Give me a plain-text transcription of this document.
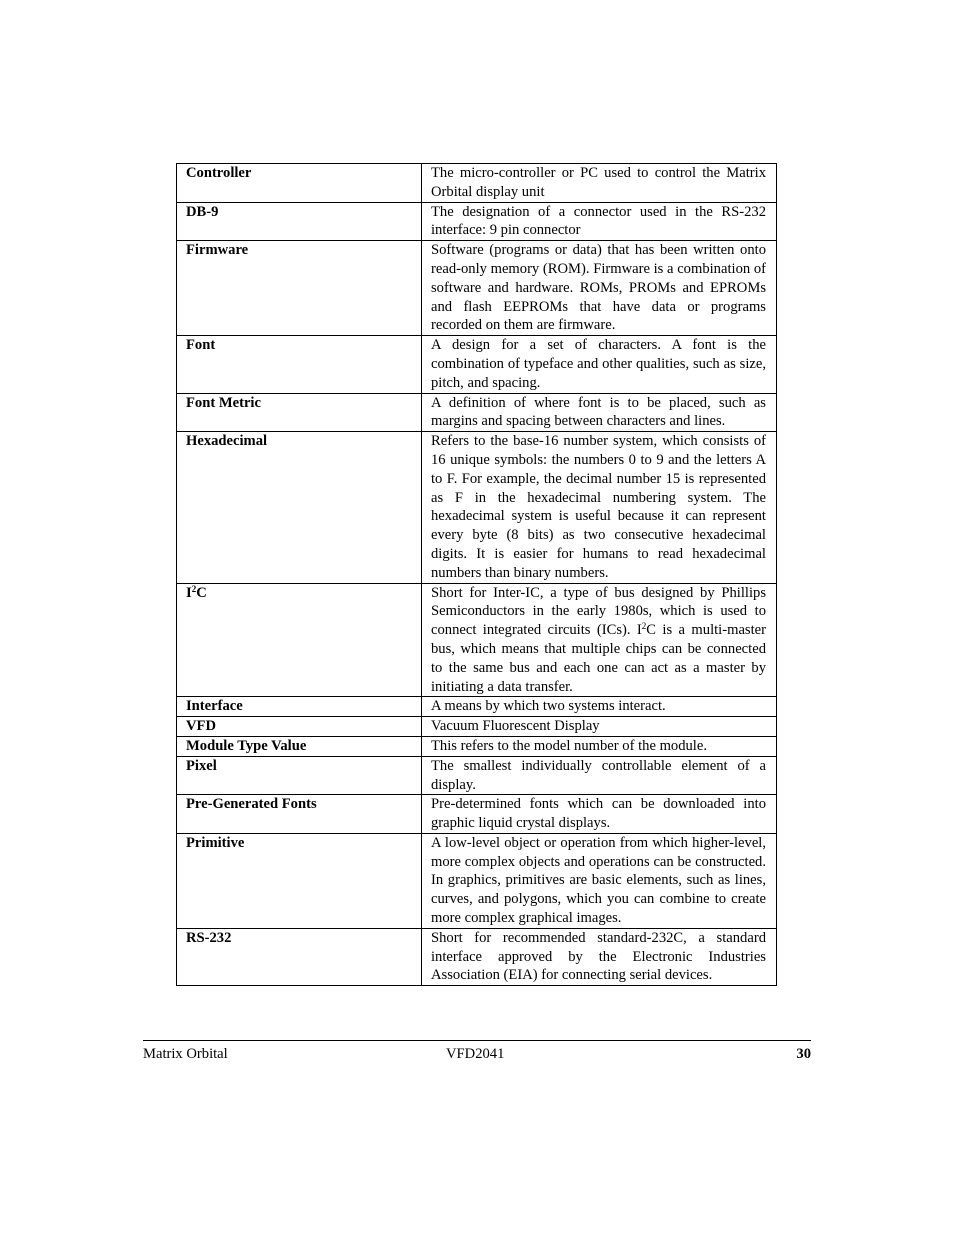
Controller	The micro-controller or PC used to control the Matrix Orbital display unit
DB-9	The designation of a connector used in the RS-232 interface: 9 pin connector
Firmware	Software (programs or data) that has been written onto read-only memory (ROM). Firmware is a combination of software and hardware. ROMs, PROMs and EPROMs and flash EEPROMs that have data or programs recorded on them are firmware.
Font	A design for a set of characters. A font is the combination of typeface and other qualities, such as size, pitch, and spacing.
Font Metric	A definition of where font is to be placed, such as margins and spacing between characters and lines.
Hexadecimal	Refers to the base-16 number system, which consists of 16 unique symbols: the numbers 0 to 9 and the letters A to F. For example, the decimal number 15 is represented as F in the hexadecimal numbering system. The hexadecimal system is useful because it can represent every byte (8 bits) as two consecutive hexadecimal digits. It is easier for humans to read hexadecimal numbers than binary numbers.
$I^2C$	Short for Inter-IC, a type of bus designed by Phillips Semiconductors in the early 1980s, which is used to connect integrated circuits (ICs). $I^2C$ is a multi-master bus, which means that multiple chips can be connected to the same bus and each one can act as a master by initiating a data transfer.
Interface	A means by which two systems interact.
VFD	Vacuum Fluorescent Display
Module Type Value	This refers to the model number of the module.
Pixel	The smallest individually controllable element of a display.
Pre-Generated Fonts	Pre-determined fonts which can be downloaded into graphic liquid crystal displays.
Primitive	A low-level object or operation from which higher-level, more complex objects and operations can be constructed. In graphics, primitives are basic elements, such as lines, curves, and polygons, which you can combine to create more complex graphical images.
RS-232	Short for recommended standard-232C, a standard interface approved by the Electronic Industries Association (EIA) for connecting serial devices.
Matrix Orbital	VFD2041	30
